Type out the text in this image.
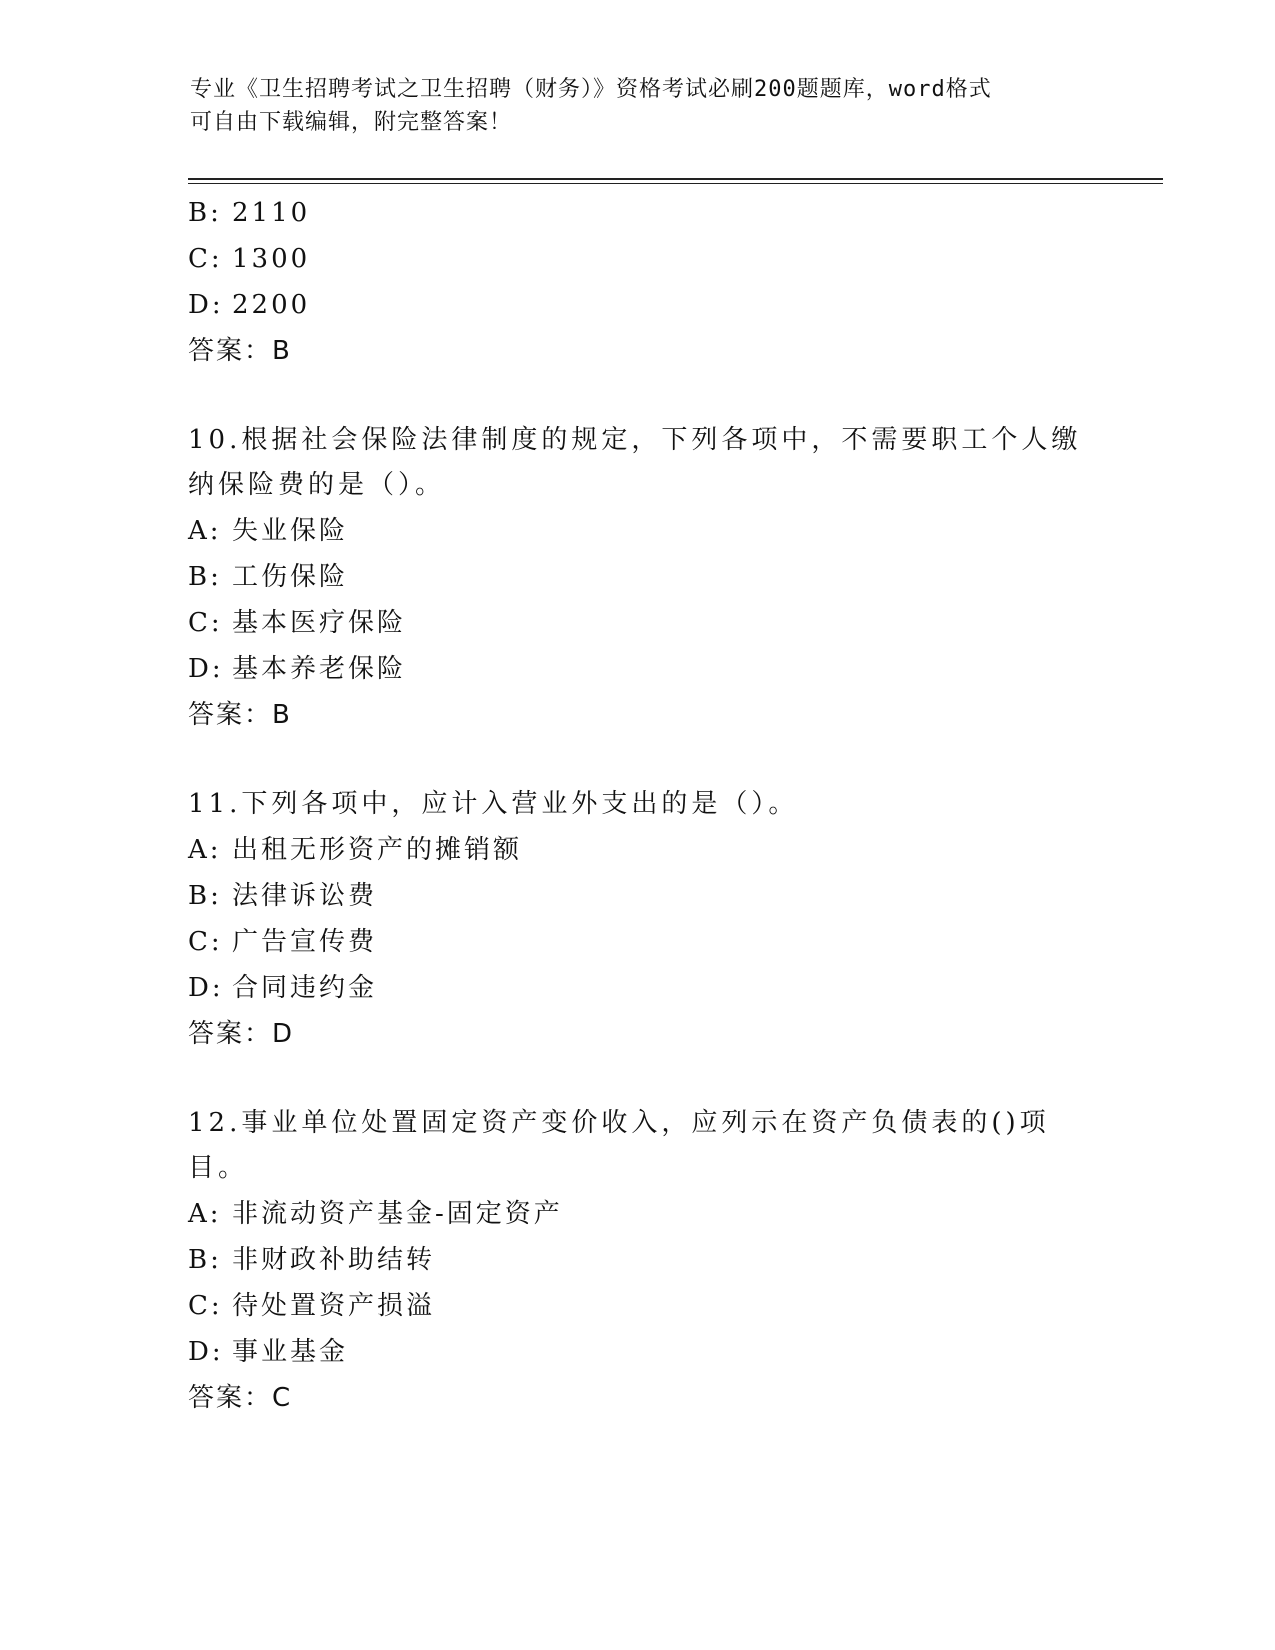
专业《卫生招聘考试之卫生招聘（财务）》资格考试必刷200题题库，word格式
可自由下载编辑，附完整答案！
B: 2110
C: 1300
D: 2200
答案：B
10.根据社会保险法律制度的规定，下列各项中，不需要职工个人缴纳保险费的是（）。
A: 失业保险
B: 工伤保险
C: 基本医疗保险
D: 基本养老保险
答案：B
11.下列各项中，应计入营业外支出的是（）。
A: 出租无形资产的摊销额
B: 法律诉讼费
C: 广告宣传费
D: 合同违约金
答案：D
12.事业单位处置固定资产变价收入，应列示在资产负债表的()项目。
A: 非流动资产基金-固定资产
B: 非财政补助结转
C: 待处置资产损溢
D: 事业基金
答案：C
